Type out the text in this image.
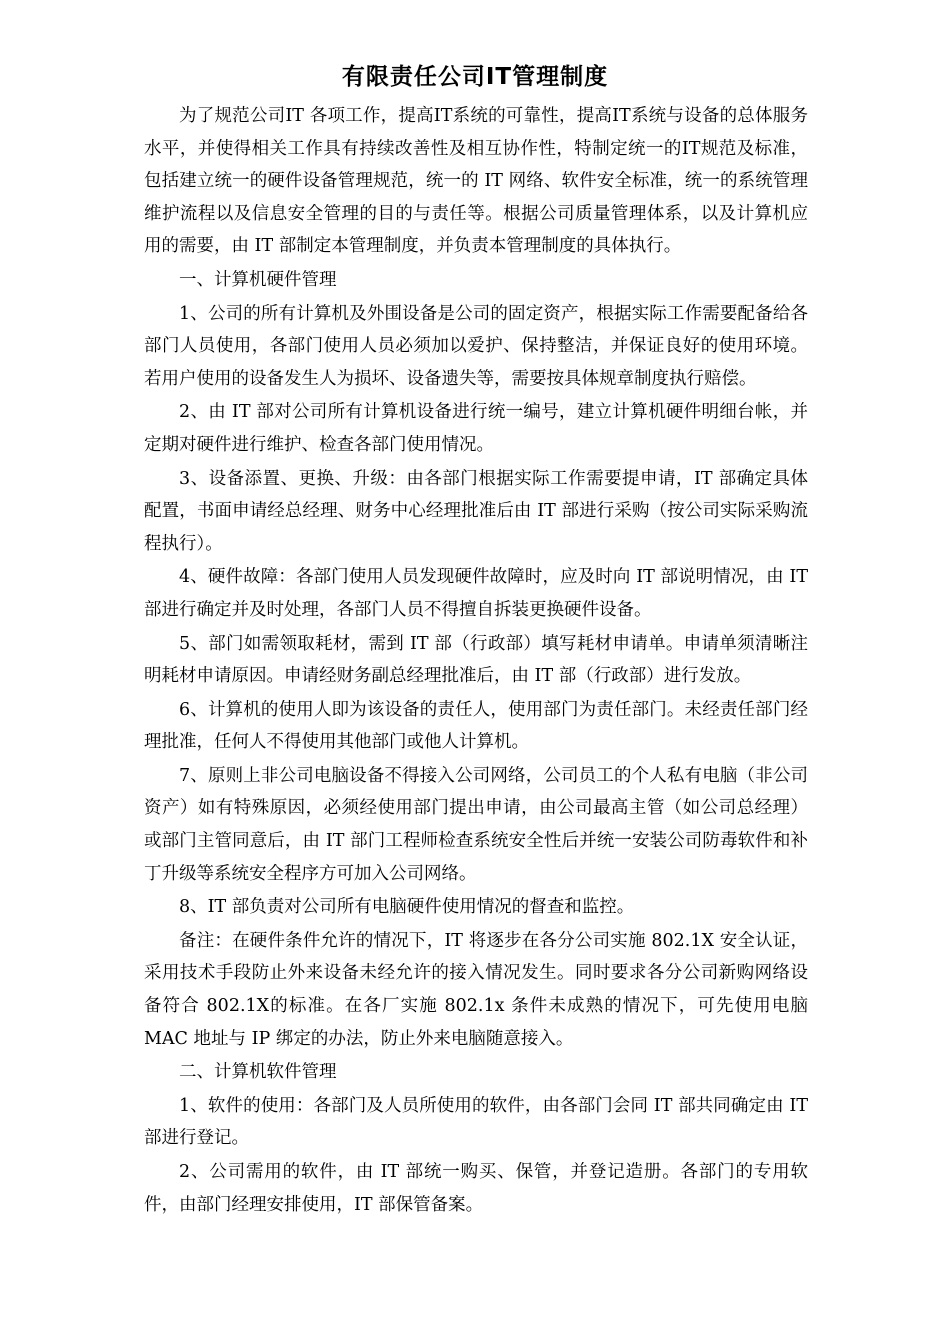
有限责任公司IT管理制度

为了规范公司IT 各项工作，提高IT系统的可靠性，提高IT系统与设备的总体服务水平，并使得相关工作具有持续改善性及相互协作性，特制定统一的IT规范及标准，包括建立统一的硬件设备管理规范，统一的 IT 网络、软件安全标准，统一的系统管理维护流程以及信息安全管理的目的与责任等。根据公司质量管理体系，以及计算机应用的需要，由 IT 部制定本管理制度，并负责本管理制度的具体执行。

一、计算机硬件管理

1、公司的所有计算机及外围设备是公司的固定资产，根据实际工作需要配备给各部门人员使用，各部门使用人员必须加以爱护、保持整洁，并保证良好的使用环境。若用户使用的设备发生人为损坏、设备遗失等，需要按具体规章制度执行赔偿。

2、由 IT 部对公司所有计算机设备进行统一编号，建立计算机硬件明细台帐，并定期对硬件进行维护、检查各部门使用情况。

3、设备添置、更换、升级：由各部门根据实际工作需要提申请，IT 部确定具体配置，书面申请经总经理、财务中心经理批准后由 IT 部进行采购（按公司实际采购流程执行）。

4、硬件故障：各部门使用人员发现硬件故障时，应及时向 IT 部说明情况，由 IT部进行确定并及时处理，各部门人员不得擅自拆装更换硬件设备。

5、部门如需领取耗材，需到 IT 部（行政部）填写耗材申请单。申请单须清晰注明耗材申请原因。申请经财务副总经理批准后，由 IT 部（行政部）进行发放。

6、计算机的使用人即为该设备的责任人，使用部门为责任部门。未经责任部门经理批准，任何人不得使用其他部门或他人计算机。

7、原则上非公司电脑设备不得接入公司网络，公司员工的个人私有电脑（非公司资产）如有特殊原因，必须经使用部门提出申请，由公司最高主管（如公司总经理）或部门主管同意后，由 IT 部门工程师检查系统安全性后并统一安装公司防毒软件和补丁升级等系统安全程序方可加入公司网络。

8、IT 部负责对公司所有电脑硬件使用情况的督查和监控。

备注：在硬件条件允许的情况下，IT 将逐步在各分公司实施 802.1X 安全认证，采用技术手段防止外来设备未经允许的接入情况发生。同时要求各分公司新购网络设备符合 802.1X的标准。在各厂实施 802.1x 条件未成熟的情况下，可先使用电脑 MAC 地址与 IP 绑定的办法，防止外来电脑随意接入。

二、计算机软件管理

1、软件的使用：各部门及人员所使用的软件，由各部门会同 IT 部共同确定由 IT部进行登记。

2、公司需用的软件，由 IT 部统一购买、保管，并登记造册。各部门的专用软件，由部门经理安排使用，IT 部保管备案。
